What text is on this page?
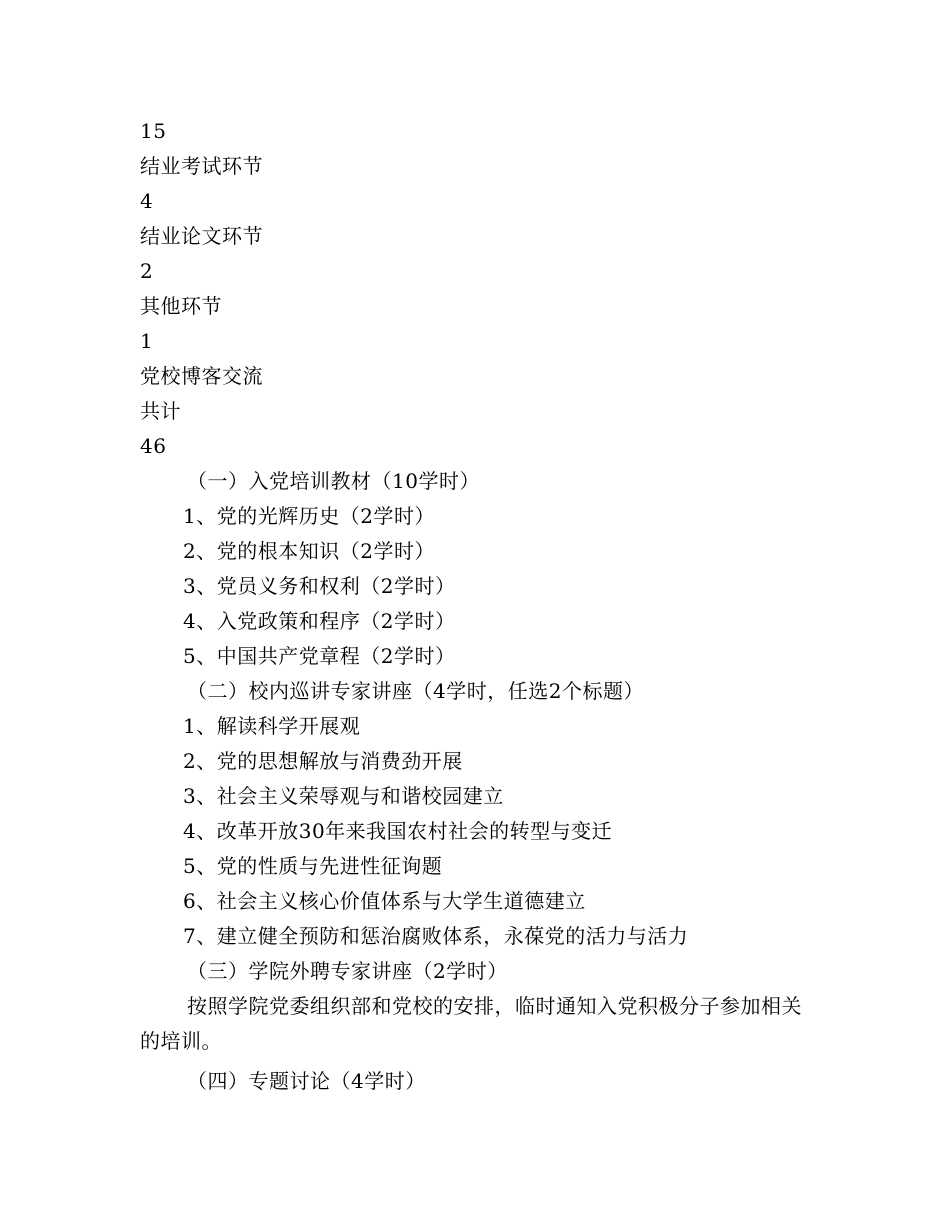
15
结业考试环节
4
结业论文环节
2
其他环节
1
党校博客交流
共计
46
（一）入党培训教材（10学时）
1、党的光辉历史（2学时）
2、党的根本知识（2学时）
3、党员义务和权利（2学时）
4、入党政策和程序（2学时）
5、中国共产党章程（2学时）
（二）校内巡讲专家讲座（4学时，任选2个标题）
1、解读科学开展观
2、党的思想解放与消费劲开展
3、社会主义荣辱观与和谐校园建立
4、改革开放30年来我国农村社会的转型与变迁
5、党的性质与先进性征询题
6、社会主义核心价值体系与大学生道德建立
7、建立健全预防和惩治腐败体系，永葆党的活力与活力
（三）学院外聘专家讲座（2学时）
按照学院党委组织部和党校的安排，临时通知入党积极分子参加相关的培训。
（四）专题讨论（4学时）
